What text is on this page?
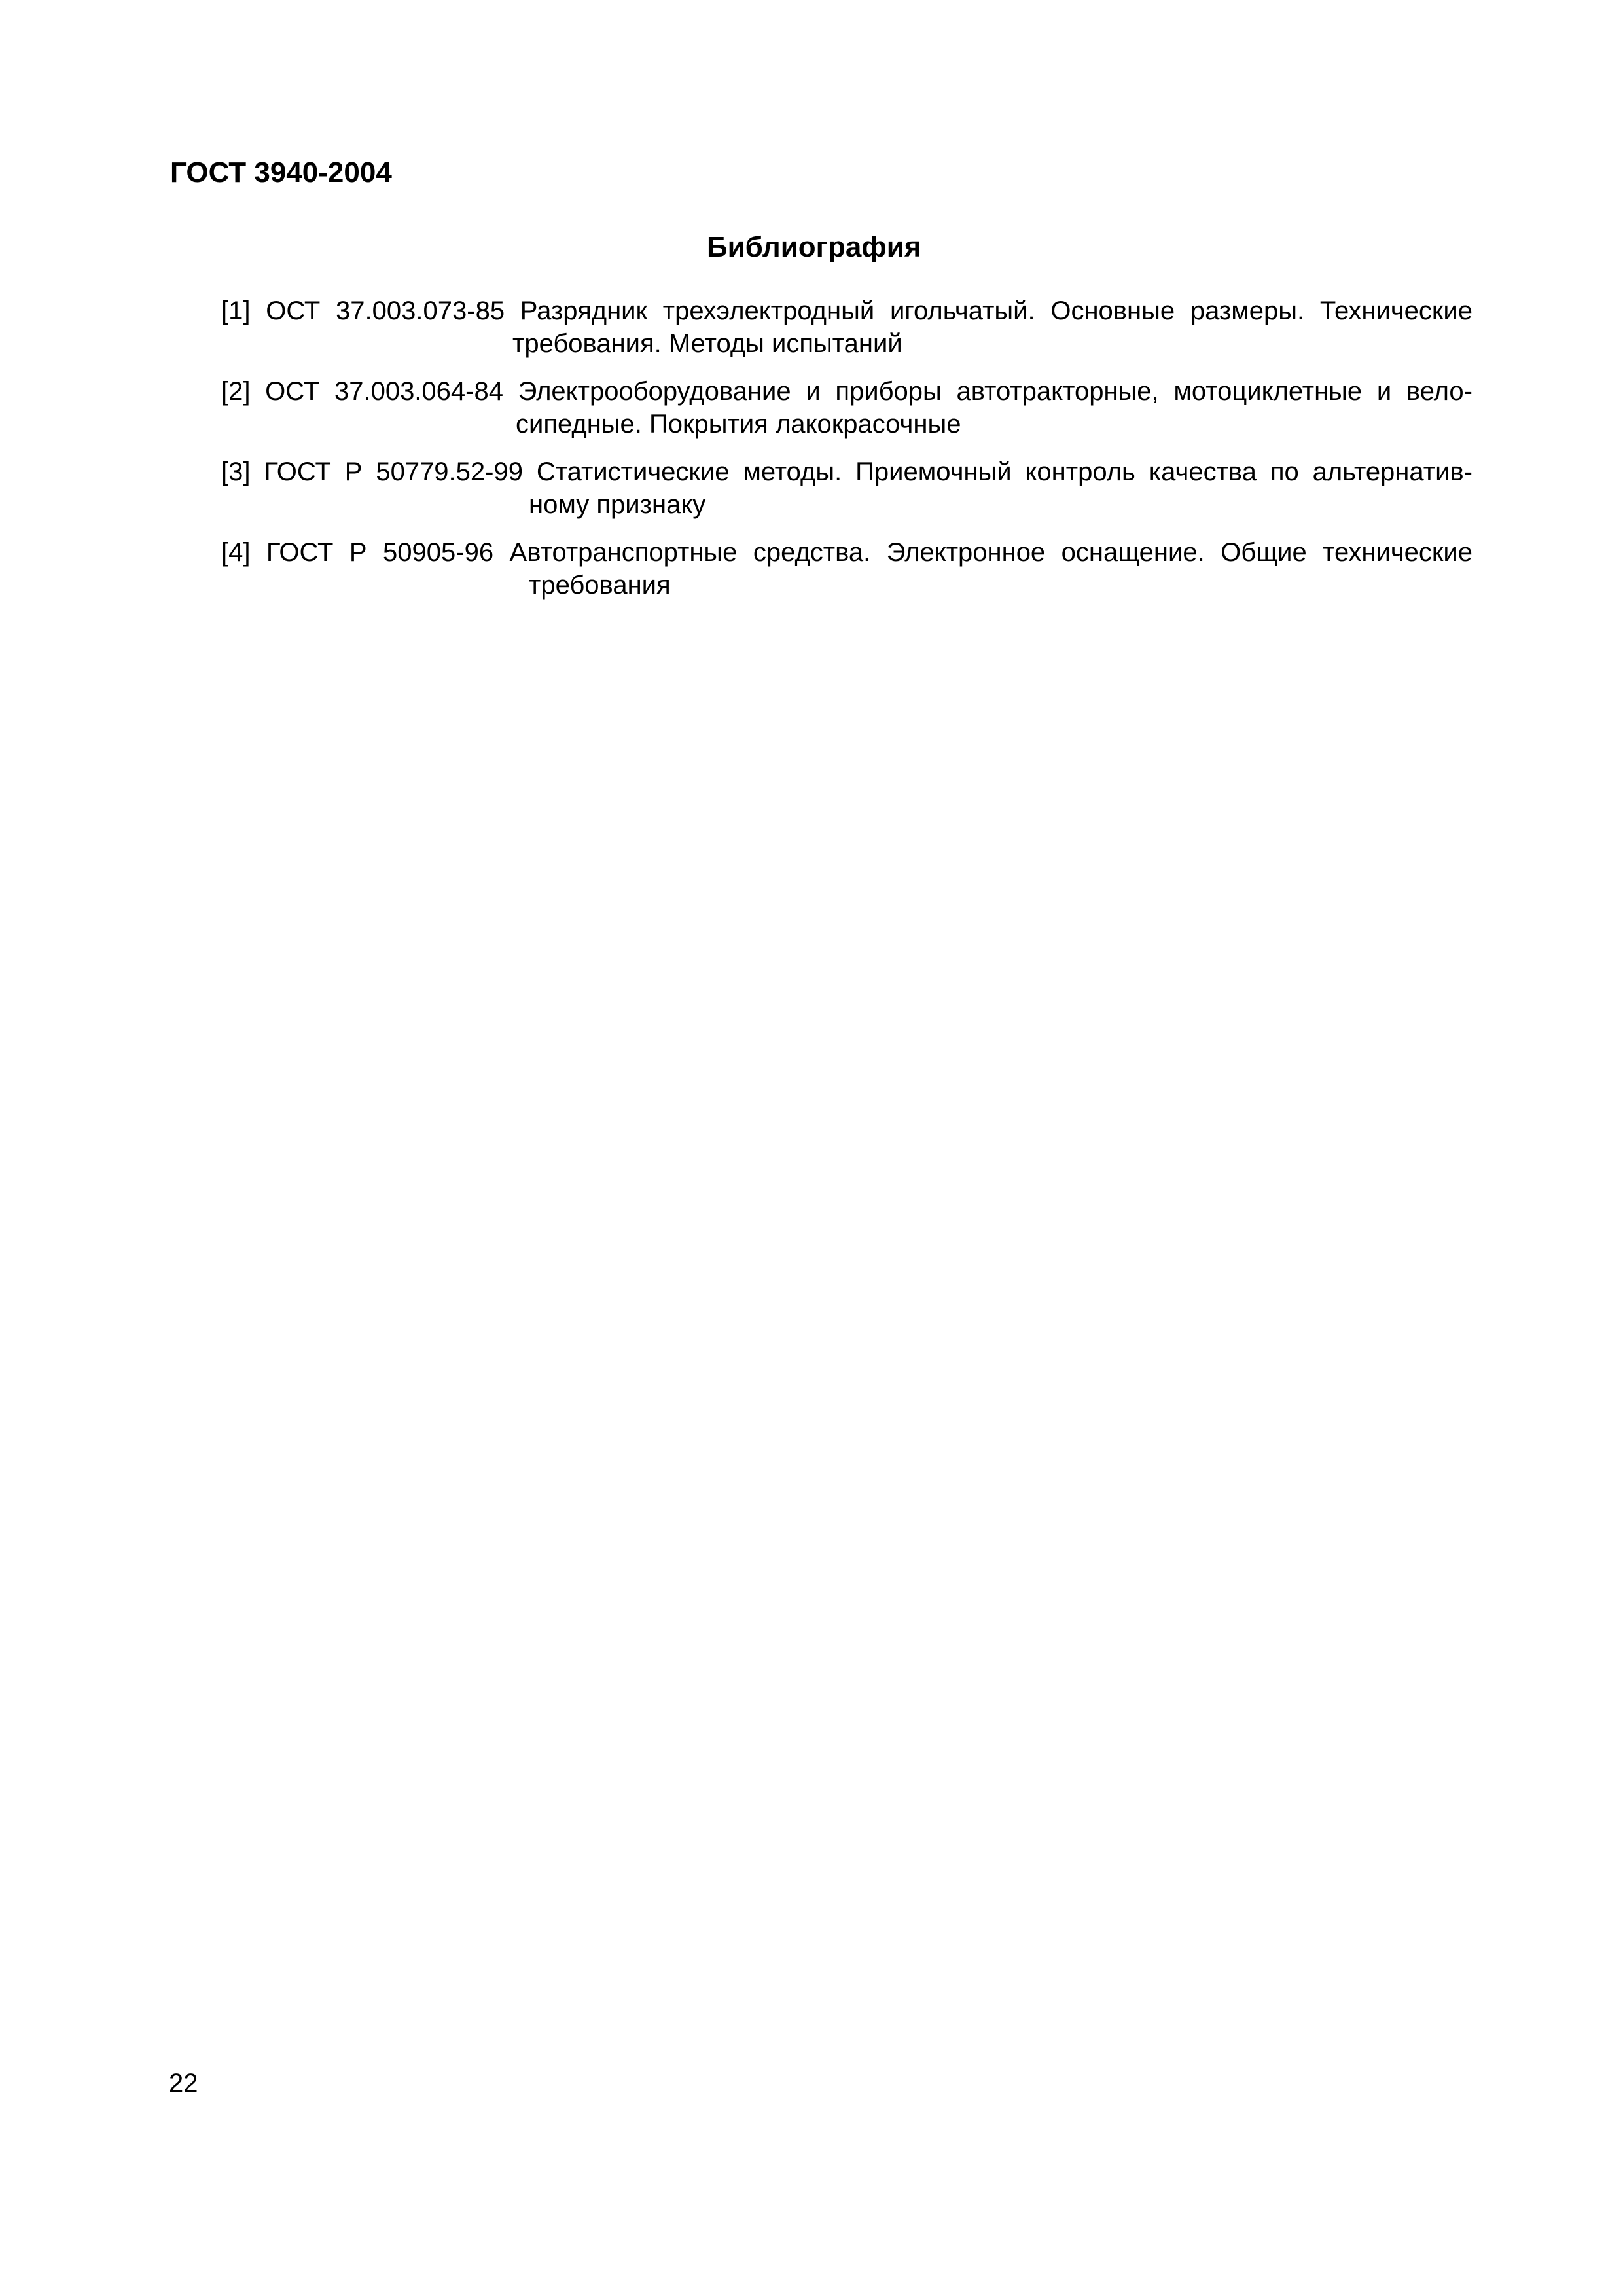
ГОСТ 3940-2004
Библиография
[1] ОСТ 37.003.073-85 Разрядник трехэлектродный игольчатый. Основные размеры. Технические
требования. Методы испытаний
[2] ОСТ 37.003.064-84 Электрооборудование и приборы автотракторные, мотоциклетные и вело-
сипедные. Покрытия лакокрасочные
[3] ГОСТ Р 50779.52-99 Статистические методы. Приемочный контроль качества по альтернатив-
ному признаку
[4] ГОСТ Р 50905-96 Автотранспортные средства. Электронное оснащение. Общие технические
требования
22
